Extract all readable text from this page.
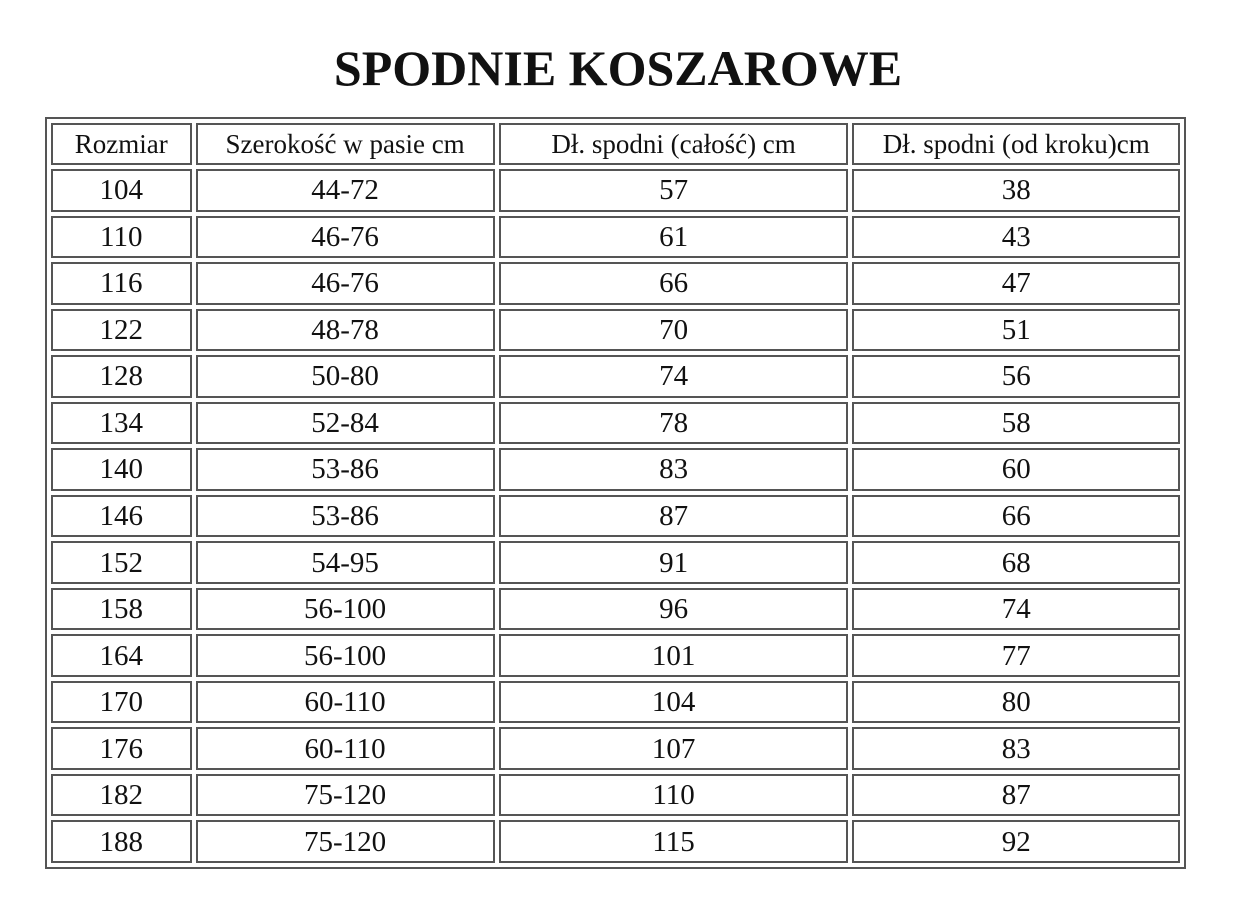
SPODNIE KOSZAROWE
Rozmiar	Szerokość w pasie cm	Dł. spodni (całość) cm	Dł. spodni (od kroku)cm
104	44-72	57	38
110	46-76	61	43
116	46-76	66	47
122	48-78	70	51
128	50-80	74	56
134	52-84	78	58
140	53-86	83	60
146	53-86	87	66
152	54-95	91	68
158	56-100	96	74
164	56-100	101	77
170	60-110	104	80
176	60-110	107	83
182	75-120	110	87
188	75-120	115	92
